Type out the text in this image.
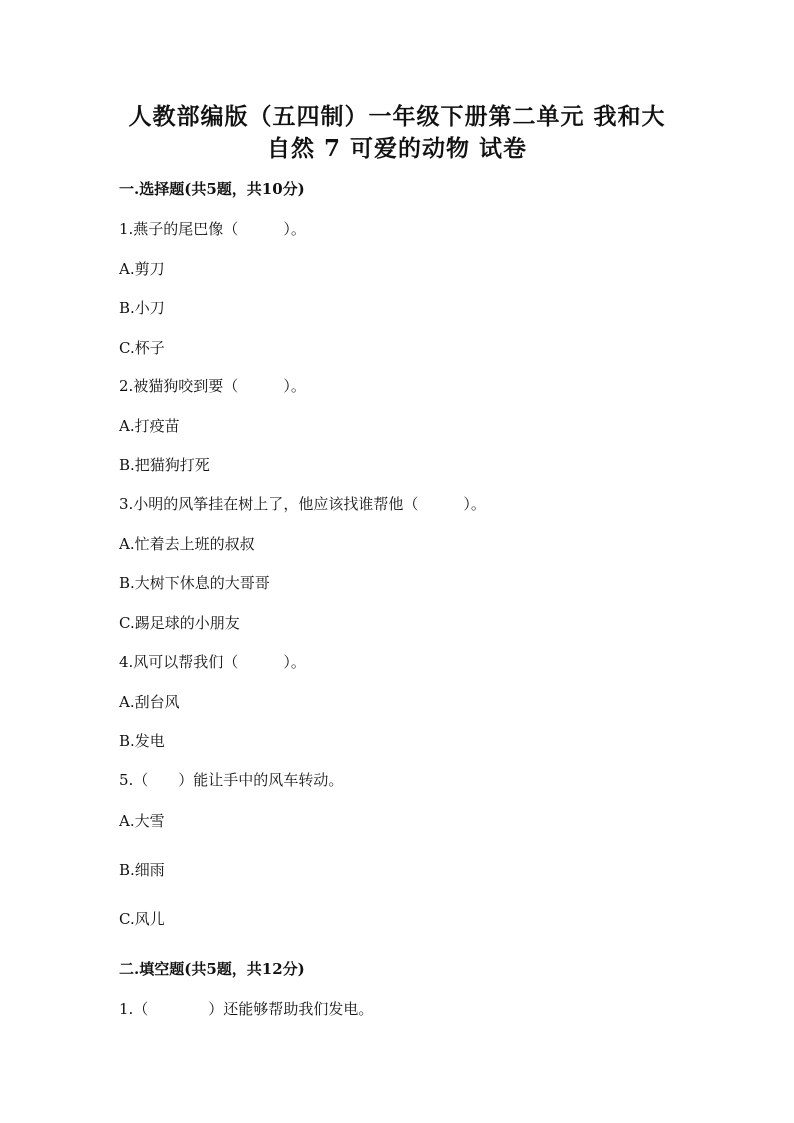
人教部编版（五四制）一年级下册第二单元 我和大
自然 7 可爱的动物 试卷
一.选择题(共5题，共10分)
1.燕子的尾巴像（　　　）。
A.剪刀
B.小刀
C.杯子
2.被猫狗咬到要（　　　）。
A.打疫苗
B.把猫狗打死
3.小明的风筝挂在树上了，他应该找谁帮他（　　　）。
A.忙着去上班的叔叔
B.大树下休息的大哥哥
C.踢足球的小朋友
4.风可以帮我们（　　　）。
A.刮台风
B.发电
5.（　　）能让手中的风车转动。
A.大雪
B.细雨
C.风儿
二.填空题(共5题，共12分)
1.（　　　　）还能够帮助我们发电。
